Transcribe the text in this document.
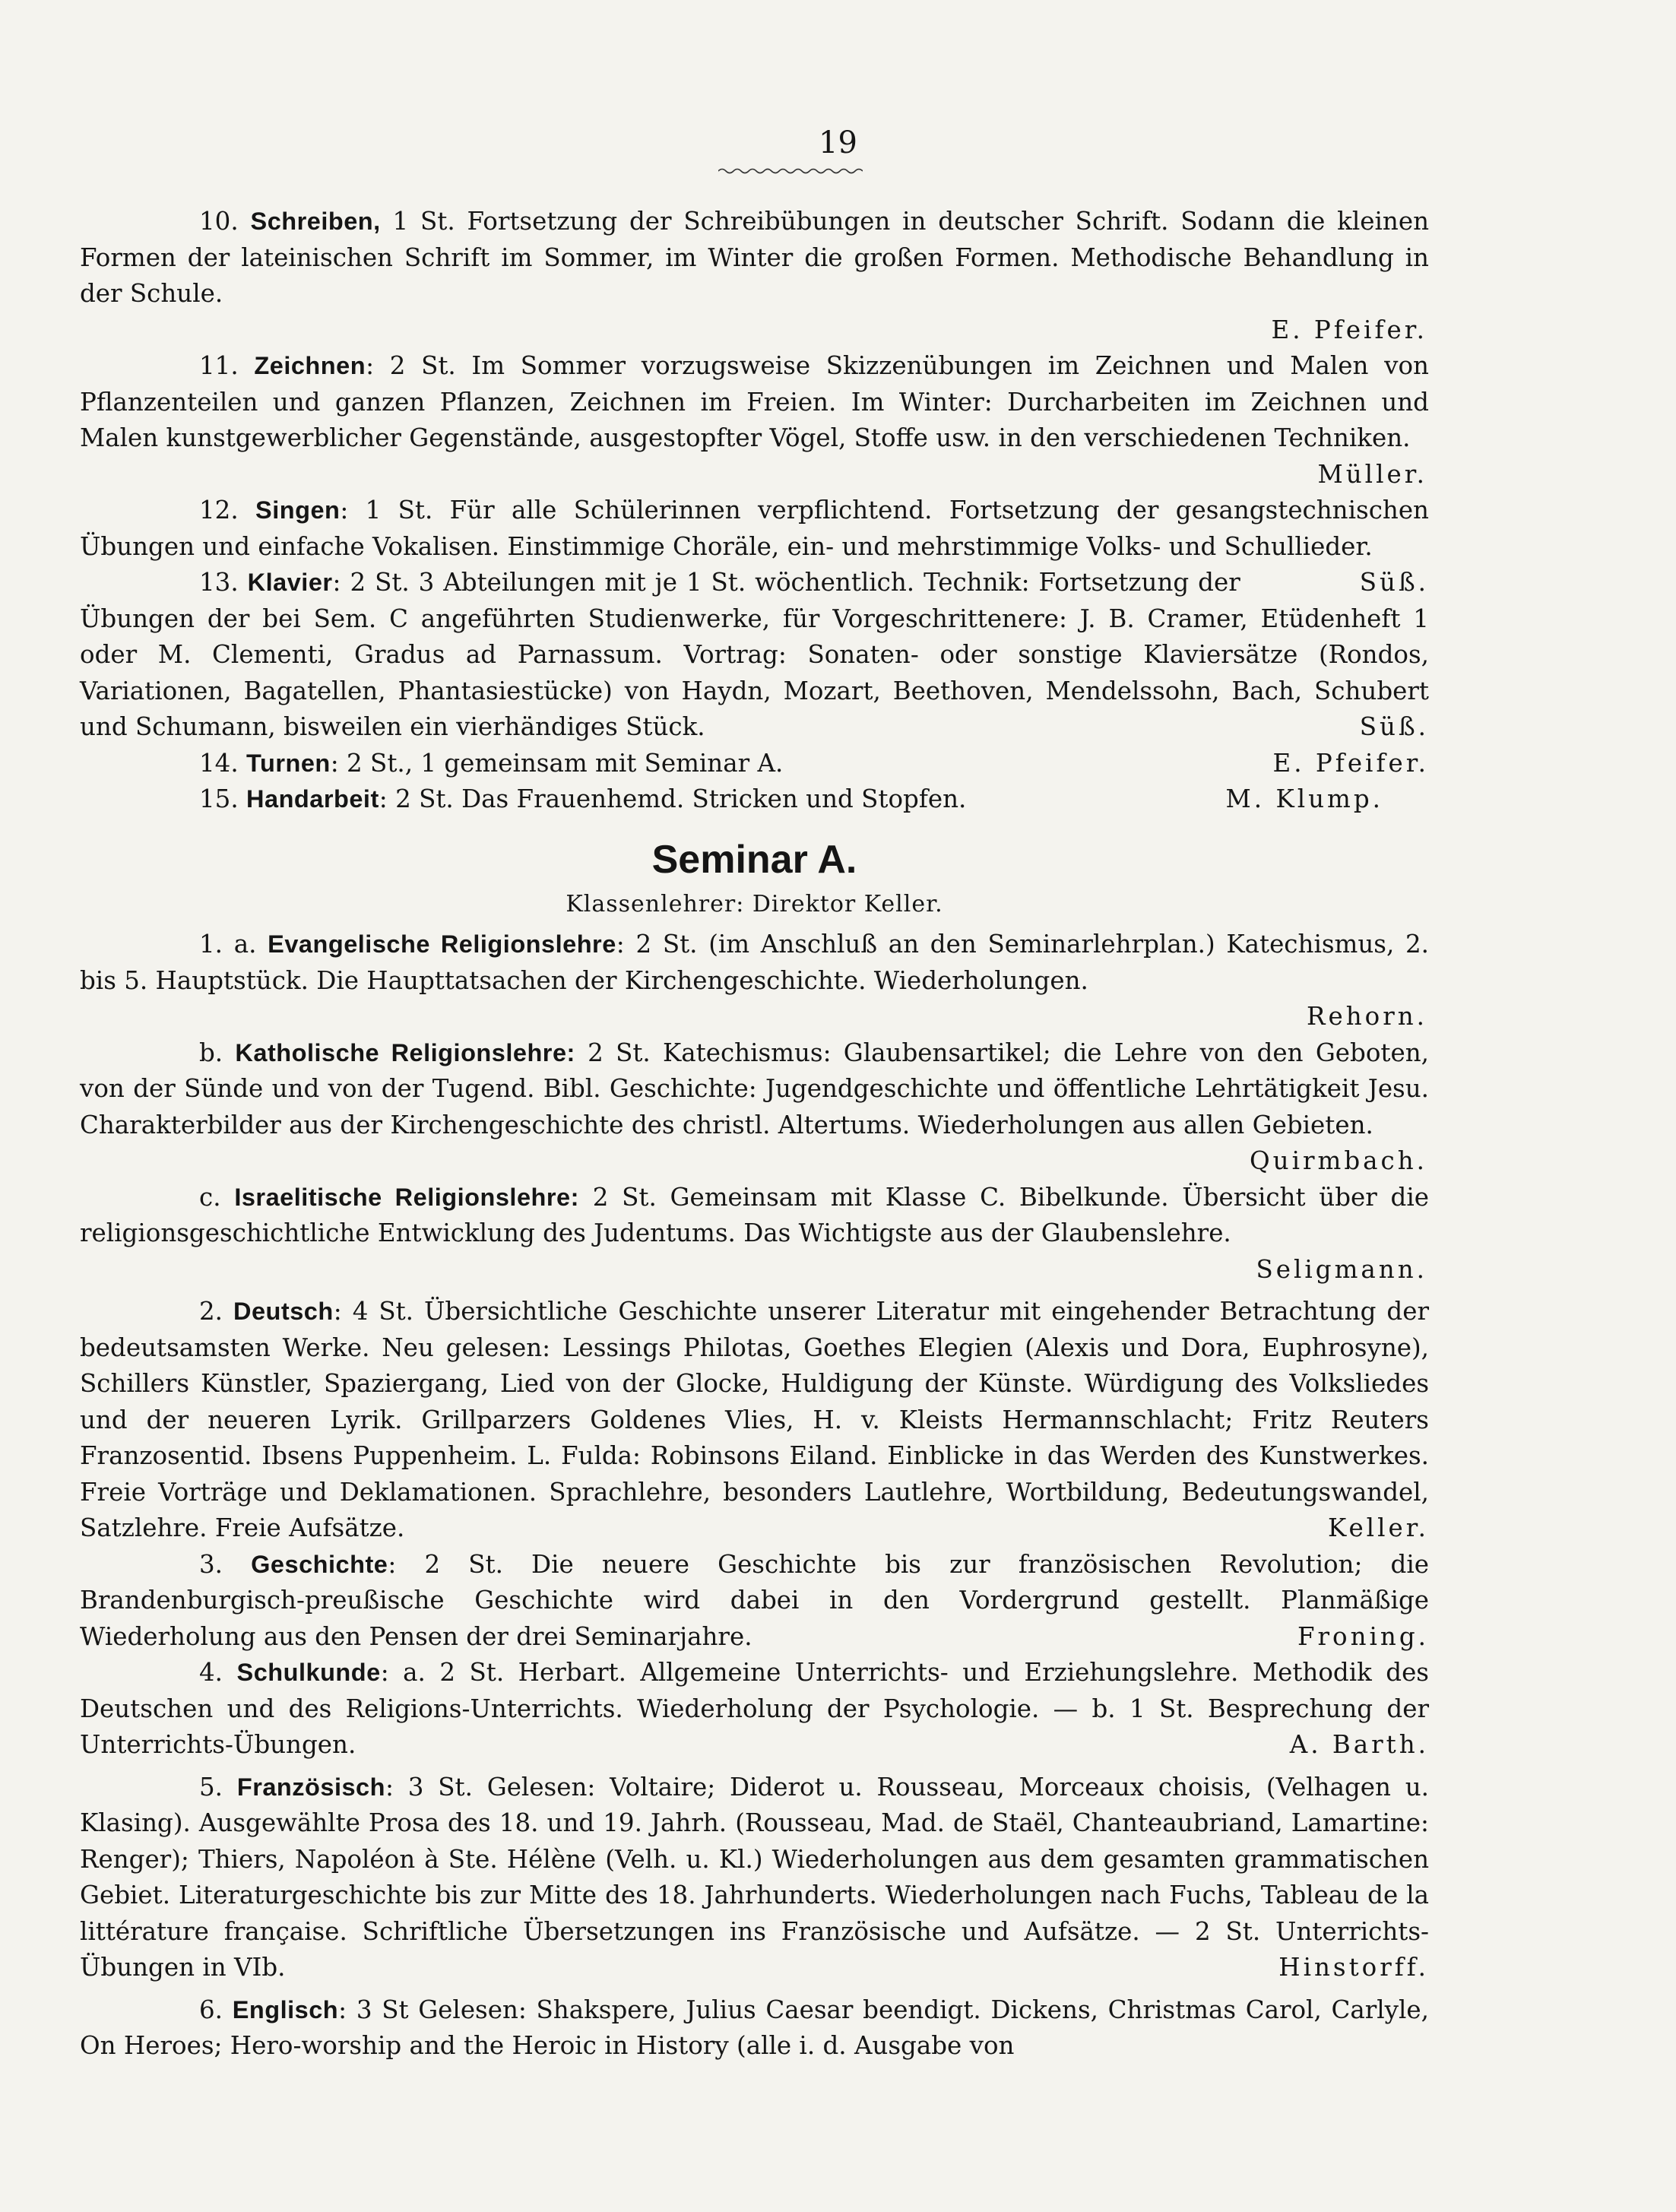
19

10. Schreiben, 1 St. Fortsetzung der Schreibübungen in deutscher Schrift. Sodann die kleinen Formen der lateinischen Schrift im Sommer, im Winter die großen Formen. Methodische Behandlung in der Schule.

E. Pfeifer.

11. Zeichnen: 2 St. Im Sommer vorzugsweise Skizzenübungen im Zeichnen und Malen von Pflanzenteilen und ganzen Pflanzen, Zeichnen im Freien. Im Winter: Durcharbeiten im Zeichnen und Malen kunstgewerblicher Gegenstände, ausgestopfter Vögel, Stoffe usw. in den verschiedenen Techniken.

Müller.

12. Singen: 1 St. Für alle Schülerinnen verpflichtend. Fortsetzung der gesangstechnischen Übungen und einfache Vokalisen. Einstimmige Choräle, ein- und mehrstimmige Volks- und Schullieder.
Süß.

13. Klavier: 2 St. 3 Abteilungen mit je 1 St. wöchentlich. Technik: Fortsetzung der Übungen der bei Sem. C angeführten Studienwerke, für Vorgeschrittenere: J. B. Cramer, Etüdenheft 1 oder M. Clementi, Gradus ad Parnassum. Vortrag: Sonaten- oder sonstige Klaviersätze (Rondos, Variationen, Bagatellen, Phantasiestücke) von Haydn, Mozart, Beethoven, Mendelssohn, Bach, Schubert und Schumann, bisweilen ein vierhändiges Stück.	Süß.

14. Turnen: 2 St., 1 gemeinsam mit Seminar A.	E. Pfeifer.

15. Handarbeit: 2 St. Das Frauenhemd. Stricken und Stopfen.	M. Klump.

Seminar A.

Klassenlehrer: Direktor Keller.

1. a. Evangelische Religionslehre: 2 St. (im Anschluß an den Seminarlehrplan.) Katechismus, 2. bis 5. Hauptstück. Die Haupttatsachen der Kirchengeschichte. Wiederholungen.

Rehorn.

b. Katholische Religionslehre: 2 St. Katechismus: Glaubensartikel; die Lehre von den Geboten, von der Sünde und von der Tugend. Bibl. Geschichte: Jugendgeschichte und öffentliche Lehrtätigkeit Jesu. Charakterbilder aus der Kirchengeschichte des christl. Altertums. Wiederholungen aus allen Gebieten.

Quirmbach.

c. Israelitische Religionslehre: 2 St. Gemeinsam mit Klasse C. Bibelkunde. Übersicht über die religionsgeschichtliche Entwicklung des Judentums. Das Wichtigste aus der Glaubenslehre.

Seligmann.

2. Deutsch: 4 St. Übersichtliche Geschichte unserer Literatur mit eingehender Betrachtung der bedeutsamsten Werke. Neu gelesen: Lessings Philotas, Goethes Elegien (Alexis und Dora, Euphrosyne), Schillers Künstler, Spaziergang, Lied von der Glocke, Huldigung der Künste. Würdigung des Volksliedes und der neueren Lyrik. Grillparzers Goldenes Vlies, H. v. Kleists Hermannschlacht; Fritz Reuters Franzosentid. Ibsens Puppenheim. L. Fulda: Robinsons Eiland. Einblicke in das Werden des Kunstwerkes. Freie Vorträge und Deklamationen. Sprachlehre, besonders Lautlehre, Wortbildung, Bedeutungswandel, Satzlehre. Freie Aufsätze.	Keller.

3. Geschichte: 2 St. Die neuere Geschichte bis zur französischen Revolution; die Brandenburgisch-preußische Geschichte wird dabei in den Vordergrund gestellt. Planmäßige Wiederholung aus den Pensen der drei Seminarjahre.	Froning.

4. Schulkunde: a. 2 St. Herbart. Allgemeine Unterrichts- und Erziehungslehre. Methodik des Deutschen und des Religions-Unterrichts. Wiederholung der Psychologie. — b. 1 St. Besprechung der Unterrichts-Übungen.	A. Barth.

5. Französisch: 3 St. Gelesen: Voltaire; Diderot u. Rousseau, Morceaux choisis, (Velhagen u. Klasing). Ausgewählte Prosa des 18. und 19. Jahrh. (Rousseau, Mad. de Staël, Chanteaubriand, Lamartine: Renger); Thiers, Napoléon à Ste. Hélène (Velh. u. Kl.) Wiederholungen aus dem gesamten grammatischen Gebiet. Literaturgeschichte bis zur Mitte des 18. Jahrhunderts. Wiederholungen nach Fuchs, Tableau de la littérature française. Schriftliche Übersetzungen ins Französische und Aufsätze. — 2 St. Unterrichts-Übungen in VIb.	Hinstorff.

6. Englisch: 3 St Gelesen: Shakspere, Julius Caesar beendigt. Dickens, Christmas Carol, Carlyle, On Heroes; Hero-worship and the Heroic in History (alle i. d. Ausgabe von
